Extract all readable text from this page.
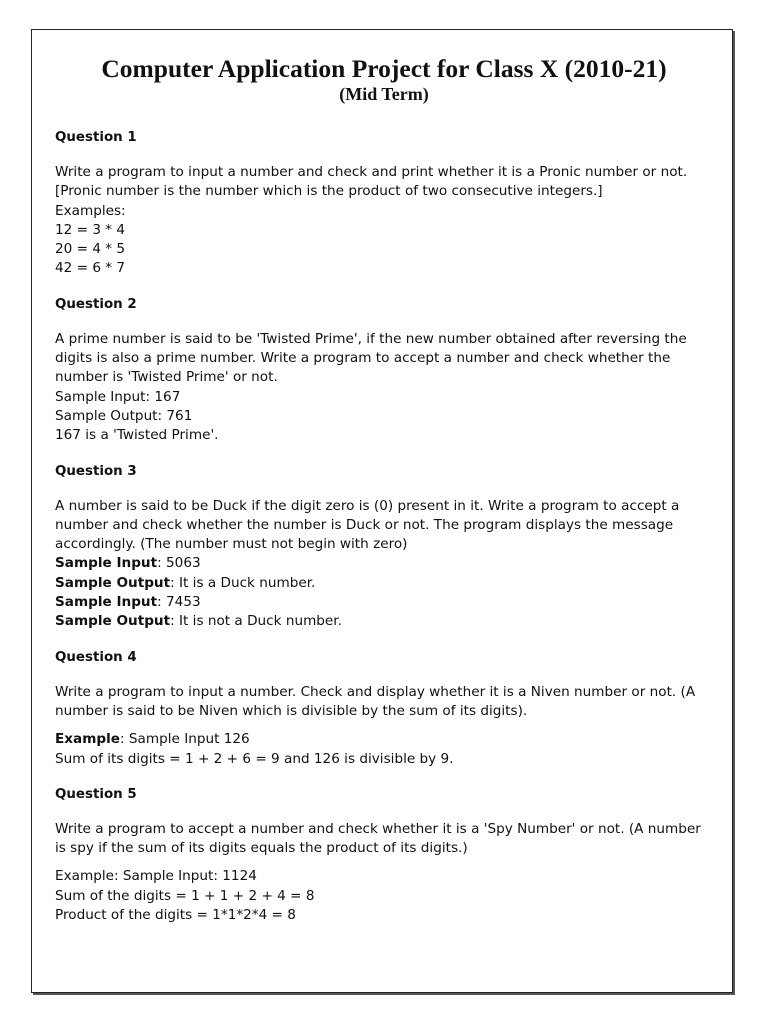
Computer Application Project for Class X (2010-21)
(Mid Term)

Question 1

Write a program to input a number and check and print whether it is a Pronic number or not.
[Pronic number is the number which is the product of two consecutive integers.]
Examples:
12 = 3 * 4
20 = 4 * 5
42 = 6 * 7

Question 2

A prime number is said to be 'Twisted Prime', if the new number obtained after reversing the
digits is also a prime number. Write a program to accept a number and check whether the
number is 'Twisted Prime' or not.
Sample Input: 167
Sample Output: 761
167 is a 'Twisted Prime'.

Question 3

A number is said to be Duck if the digit zero is (0) present in it. Write a program to accept a
number and check whether the number is Duck or not. The program displays the message
accordingly. (The number must not begin with zero)
Sample Input: 5063
Sample Output: It is a Duck number.
Sample Input: 7453
Sample Output: It is not a Duck number.

Question 4

Write a program to input a number. Check and display whether it is a Niven number or not. (A
number is said to be Niven which is divisible by the sum of its digits).
Example: Sample Input 126
Sum of its digits = 1 + 2 + 6 = 9 and 126 is divisible by 9.

Question 5

Write a program to accept a number and check whether it is a 'Spy Number' or not. (A number
is spy if the sum of its digits equals the product of its digits.)
Example: Sample Input: 1124
Sum of the digits = 1 + 1 + 2 + 4 = 8
Product of the digits = 1*1*2*4 = 8
